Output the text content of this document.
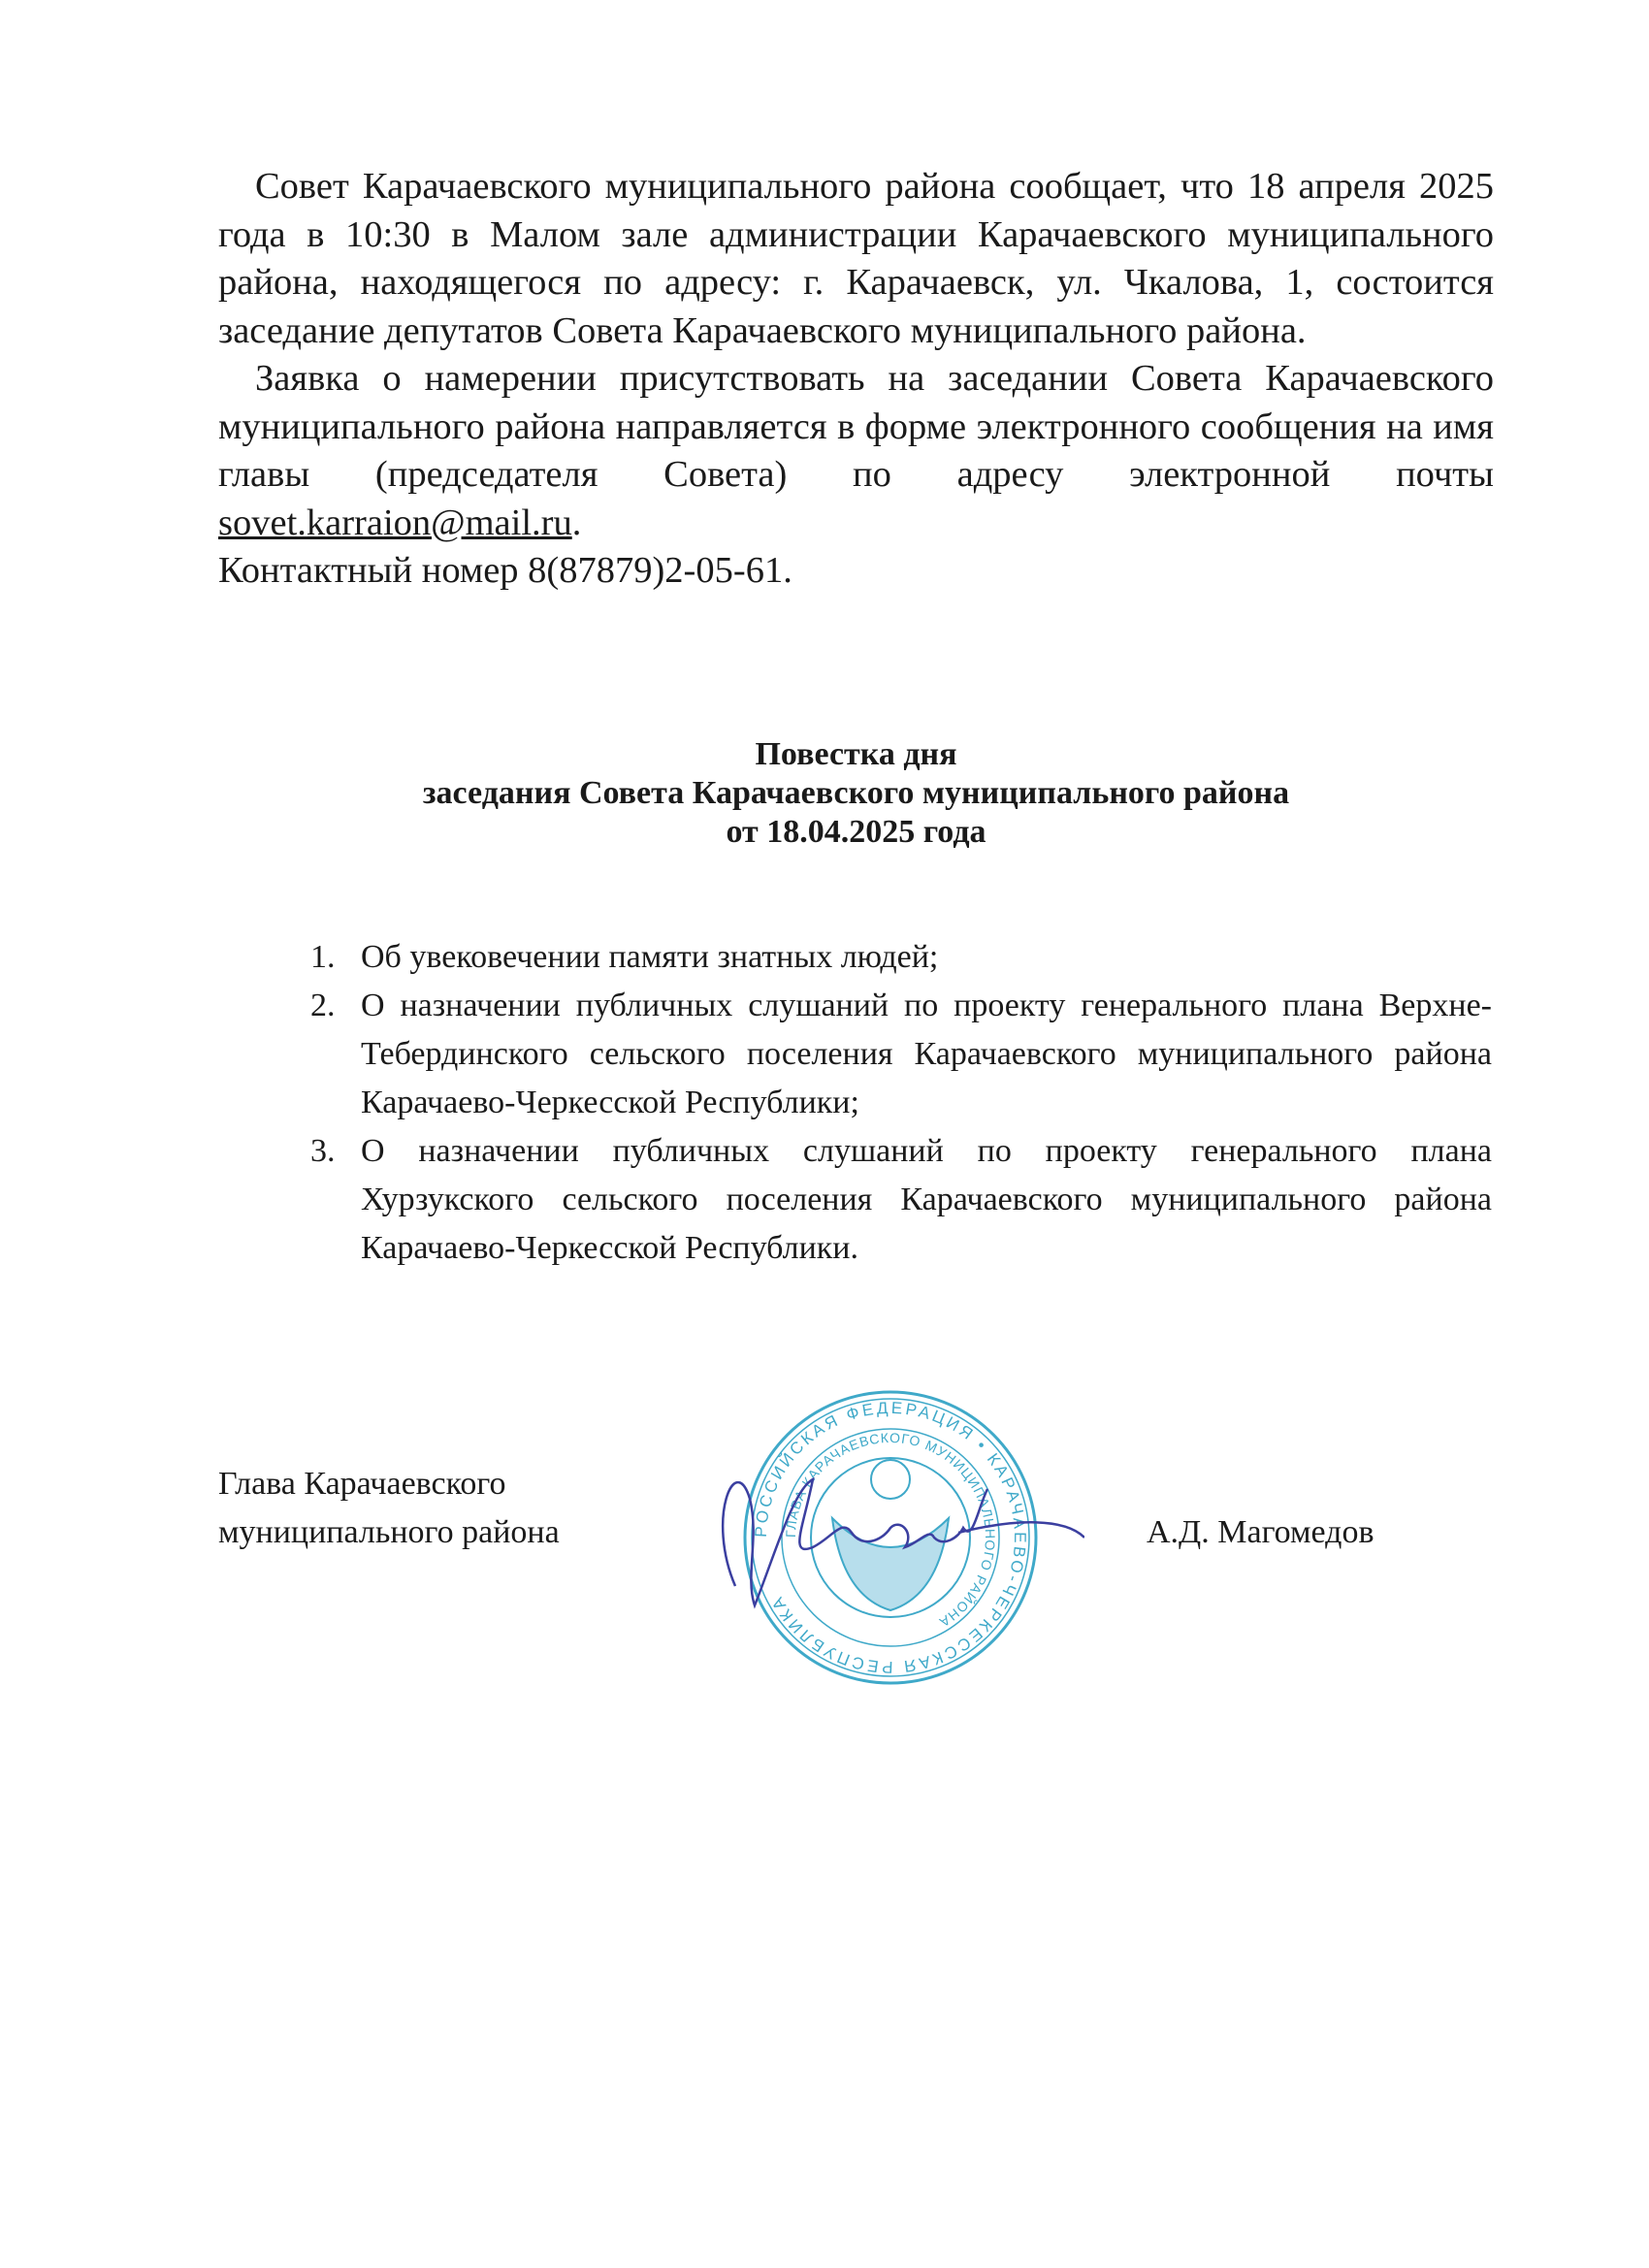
Совет Карачаевского муниципального района сообщает, что 18 апреля 2025 года в 10:30 в Малом зале администрации Карачаевского муниципального района, находящегося по адресу: г. Карачаевск, ул. Чкалова, 1, состоится заседание депутатов Совета Карачаевского муниципального района.

Заявка о намерении присутствовать на заседании Совета Карачаевского муниципального района направляется в форме электронного сообщения на имя главы (председателя Совета) по адресу электронной почты sovet.karraion@mail.ru.

Контактный номер 8(87879)2-05-61.

Повестка дня
заседания Совета Карачаевского муниципального района
от 18.04.2025 года
1. Об увековечении памяти знатных людей;
2. О назначении публичных слушаний по проекту генерального плана Верхне-Тебердинского сельского поселения Карачаевского муниципального района Карачаево-Черкесской Республики;
3. О назначении публичных слушаний по проекту генерального плана Хурзукского сельского поселения Карачаевского муниципального района Карачаево-Черкесской Республики.
Глава Карачаевского
муниципального района	РОССИЙСКАЯ ФЕДЕРАЦИЯ • КАРАЧАЕВО-ЧЕРКЕССКАЯ РЕСПУБЛИКА
ГЛАВА КАРАЧАЕВСКОГО МУНИЦИПАЛЬНОГО РАЙОНА
А.Д. Магомедов
